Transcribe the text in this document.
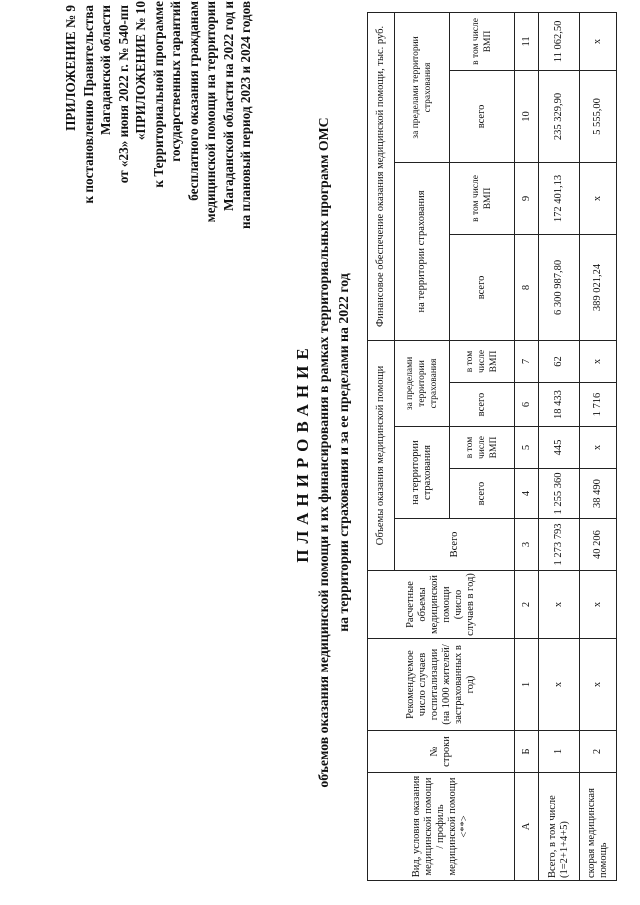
ПРИЛОЖЕНИЕ № 9 к постановлению Правительства Магаданской области от «23» июня 2022 г. № 540-пп «ПРИЛОЖЕНИЕ № 10 к Территориальной программе государственных гарантий бесплатного оказания гражданам медицинской помощи на территории Магаданской области на 2022 год и на плановый период 2023 и 2024 годов
ПЛАНИРОВАНИЕ объемов оказания медицинской помощи и их финансирования в рамках территориальных программ ОМС на территории страхования и за ее пределами на 2022 год
Вид, условия оказания медицинской помощи / профиль медицинской помощи <**>	№ строки	Рекомендуемое число случаев госпитализации (на 1000 жителей/ застрахованных в год)	Расчетные объемы медицинской помощи (число случаев в год)	Объемы оказания медицинской помощи					Финансовое обеспечение оказания медицинской помощи, тыс. руб.			
				Всего	на территории страхования		за пределами территории страхования		на территории страхования		за пределами территории страхования	
					всего	в том числе ВМП	всего	в том числе ВМП	всего	в том числе ВМП	всего	в том числе ВМП
А	Б	1	2	3	4	5	6	7	8	9	10	11
Всего, в том числе (1=2+1+4+5)	1	х	х	1 273 793	1 255 360	445	18 433	62	6 300 987,80	172 401,13	235 329,90	11 062,50
скорая медицинская помощь	2	х	х	40 206	38 490	х	1 716	х	389 021,24	х	5 555,00	х
